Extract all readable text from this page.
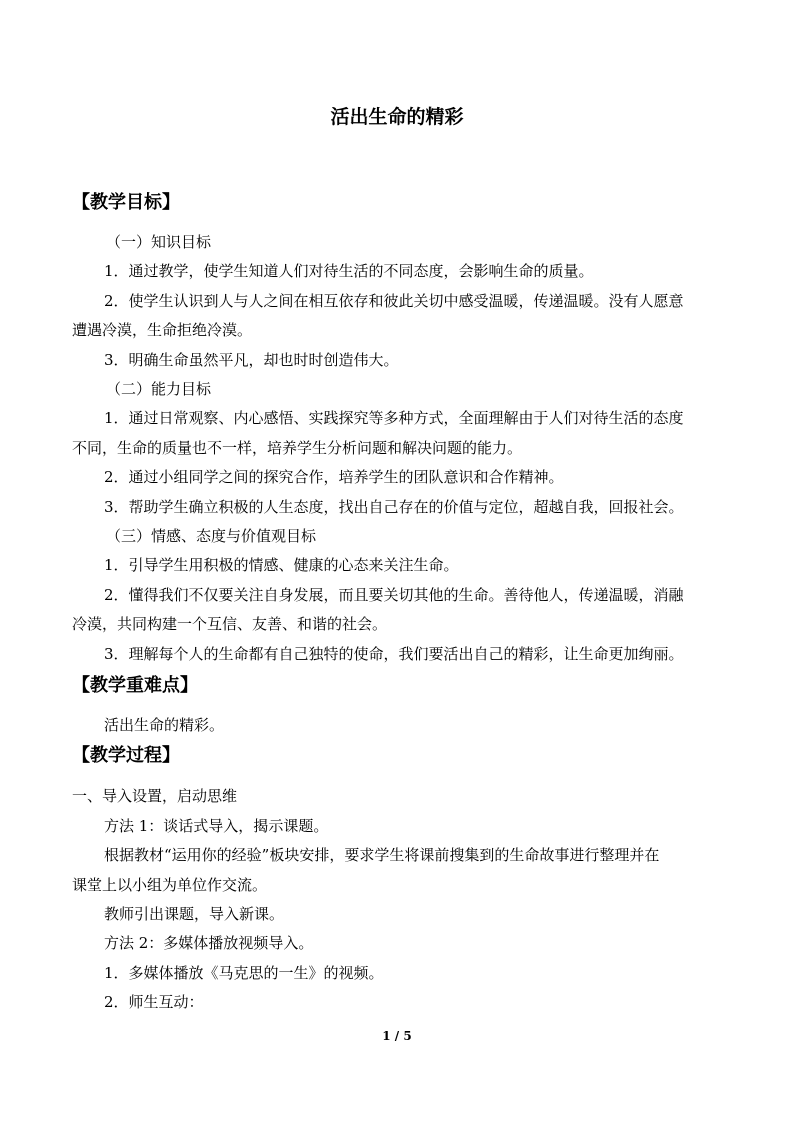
活出生命的精彩
【教学目标】
（一）知识目标
1．通过教学，使学生知道人们对待生活的不同态度，会影响生命的质量。
2．使学生认识到人与人之间在相互依存和彼此关切中感受温暖，传递温暖。没有人愿意
遭遇冷漠，生命拒绝冷漠。
3．明确生命虽然平凡，却也时时创造伟大。
（二）能力目标
1．通过日常观察、内心感悟、实践探究等多种方式，全面理解由于人们对待生活的态度
不同，生命的质量也不一样，培养学生分析问题和解决问题的能力。
2．通过小组同学之间的探究合作，培养学生的团队意识和合作精神。
3．帮助学生确立积极的人生态度，找出自己存在的价值与定位，超越自我，回报社会。
（三）情感、态度与价值观目标
1．引导学生用积极的情感、健康的心态来关注生命。
2．懂得我们不仅要关注自身发展，而且要关切其他的生命。善待他人，传递温暖，消融
冷漠，共同构建一个互信、友善、和谐的社会。
3．理解每个人的生命都有自己独特的使命，我们要活出自己的精彩，让生命更加绚丽。
【教学重难点】
活出生命的精彩。
【教学过程】
一、导入设置，启动思维
方法 1：谈话式导入，揭示课题。
根据教材“运用你的经验”板块安排，要求学生将课前搜集到的生命故事进行整理并在
课堂上以小组为单位作交流。
教师引出课题，导入新课。
方法 2：多媒体播放视频导入。
1．多媒体播放《马克思的一生》的视频。
2．师生互动：
1 / 5
